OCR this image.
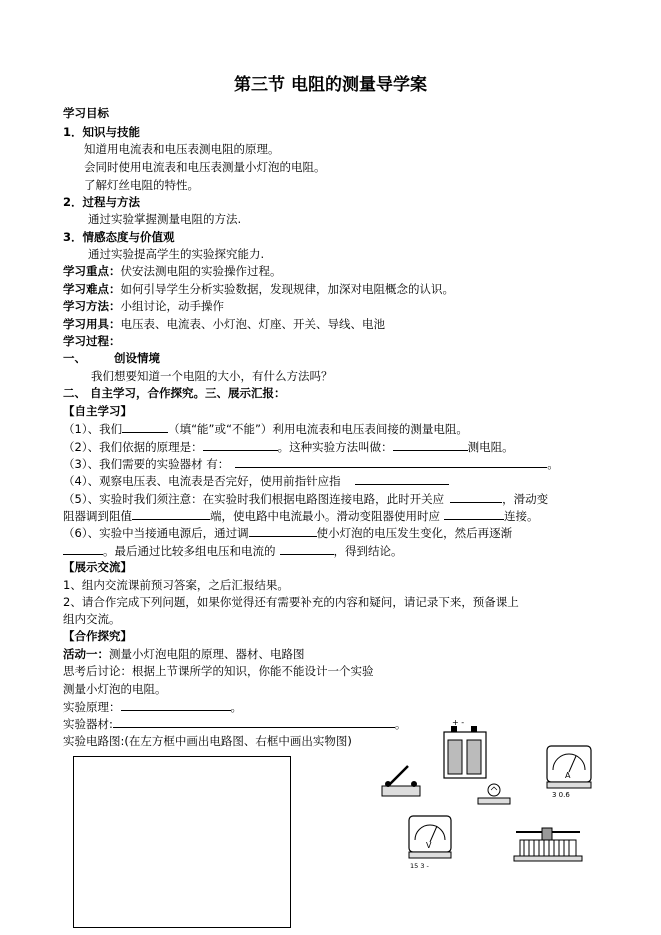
第三节 电阻的测量导学案
学习目标
1．知识与技能
知道用电流表和电压表测电阻的原理。
会同时使用电流表和电压表测量小灯泡的电阻。
了解灯丝电阻的特性。
2．过程与方法
通过实验掌握测量电阻的方法.
3．情感态度与价值观
通过实验提高学生的实验探究能力.
学习重点：伏安法测电阻的实验操作过程。
学习难点：如何引导学生分析实验数据，发现规律，加深对电阻概念的认识。
学习方法：小组讨论，动手操作
学习用具：电压表、电流表、小灯泡、灯座、开关、导线、电池
学习过程：
一、 创设情境
我们想要知道一个电阻的大小，有什么方法吗？
二、 自主学习，合作探究。三、展示汇报：
【自主学习】
（1）、我们	（填“能”或“不能”）利用电流表和电压表间接的测量电阻。
（2）、我们依据的原理是：	。这种实验方法叫做：	测电阻。
（3）、我们需要的实验器材 有：	。
（4）、观察电压表、电流表是否完好，使用前指针应指
（5）、实验时我们须注意：在实验时我们根据电路图连接电路，此时开关应	，滑动变
阻器调到阻值	端，使电路中电流最小。滑动变阻器使用时应	连接。
（6）、实验中当接通电源后，通过调	使小灯泡的电压发生变化，然后再逐渐
。最后通过比较多组电压和电流的	，得到结论。
【展示交流】
1、组内交流课前预习答案，之后汇报结果。
2、请合作完成下列问题，如果你觉得还有需要补充的内容和疑问，请记录下来，预备课上
组内交流。
【合作探究】
活动一：测量小灯泡电阻的原理、器材、电路图
思考后讨论：根据上节课所学的知识，你能不能设计一个实验
测量小灯泡的电阻。
实验原理：	。
实验器材:	。
实验电路图:(在左方框中画出电路图、右框中画出实物图)
+ -
A
3 0.6
V
15 3 -
